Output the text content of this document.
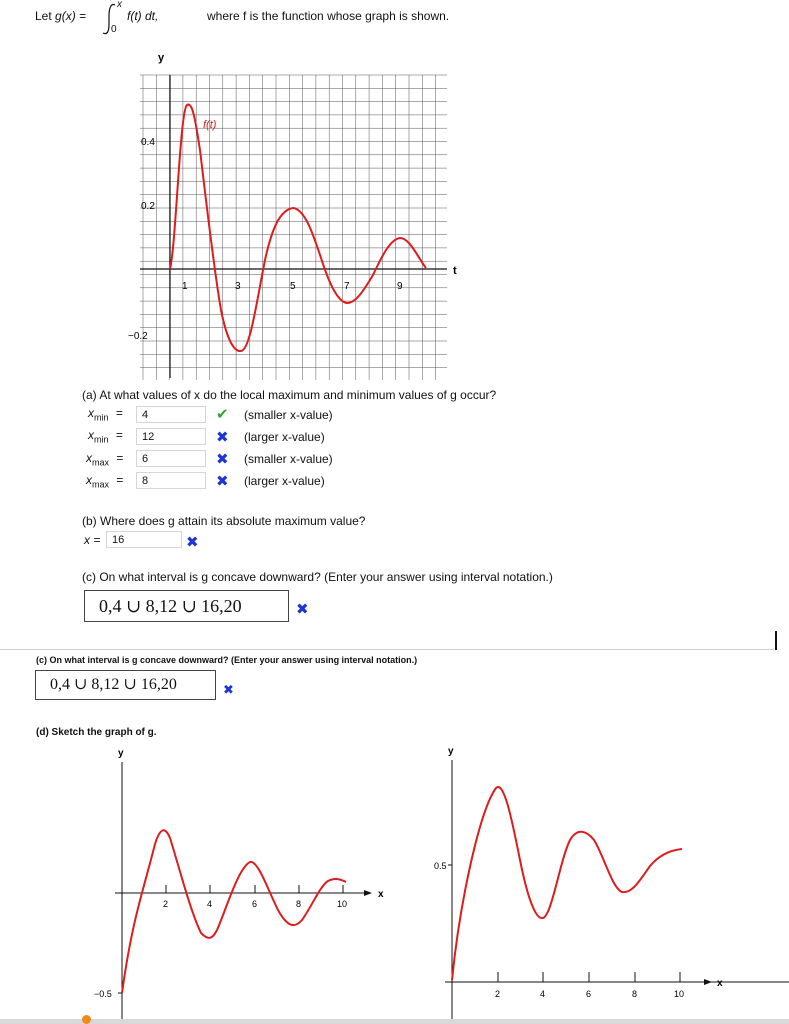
Let g(x) =
x
0
f(t) dt,	where f is the function whose graph is shown.
y
t
1	3	5	7	9
0.4
0.2
−0.2
f(t)
(a) At what values of x do the local maximum and minimum values of g occur?
$x_{min}$ =	4	✔ (smaller x-value)
$x_{min}$ =	12	✖ (larger x-value)
$x_{max}$ =	6	✖ (smaller x-value)
$x_{max}$ =	8	✖ (larger x-value)
(b) Where does g attain its absolute maximum value?
x =	16	✖
(c) On what interval is g concave downward? (Enter your answer using interval notation.)
0,4 ∪ 8,12 ∪ 16,20	✖
(c) On what interval is g concave downward? (Enter your answer using interval notation.)
0,4 ∪ 8,12 ∪ 16,20	✖
(d) Sketch the graph of g.
y
x
2	4	6	8	10
−0.5
y
x
2	4	6	8	10
0.5
